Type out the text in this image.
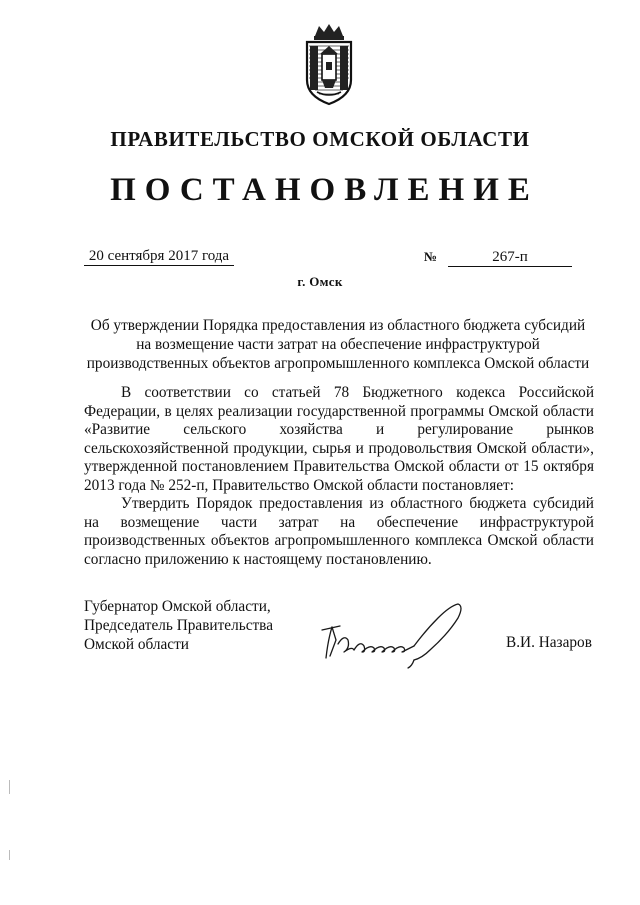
ПРАВИТЕЛЬСТВО ОМСКОЙ ОБЛАСТИ
ПОСТАНОВЛЕНИЕ
20 сентября 2017 года	№	267-п
г. Омск
Об утверждении Порядка предоставления из областного бюджета субсидий на возмещение части затрат на обеспечение инфраструктурой производственных объектов агропромышленного комплекса Омской области

В соответствии со статьей 78 Бюджетного кодекса Российской Федерации, в целях реализации государственной программы Омской области «Развитие сельского хозяйства и регулирование рынков сельскохозяйственной продукции, сырья и продовольствия Омской области», утвержденной постановлением Правительства Омской области от 15 октября 2013 года № 252-п, Правительство Омской области постановляет:

Утвердить Порядок предоставления из областного бюджета субсидий на возмещение части затрат на обеспечение инфраструктурой производственных объектов агропромышленного комплекса Омской области согласно приложению к настоящему постановлению.

Губернатор Омской области,
Председатель Правительства
Омской области	В.И. Назаров
